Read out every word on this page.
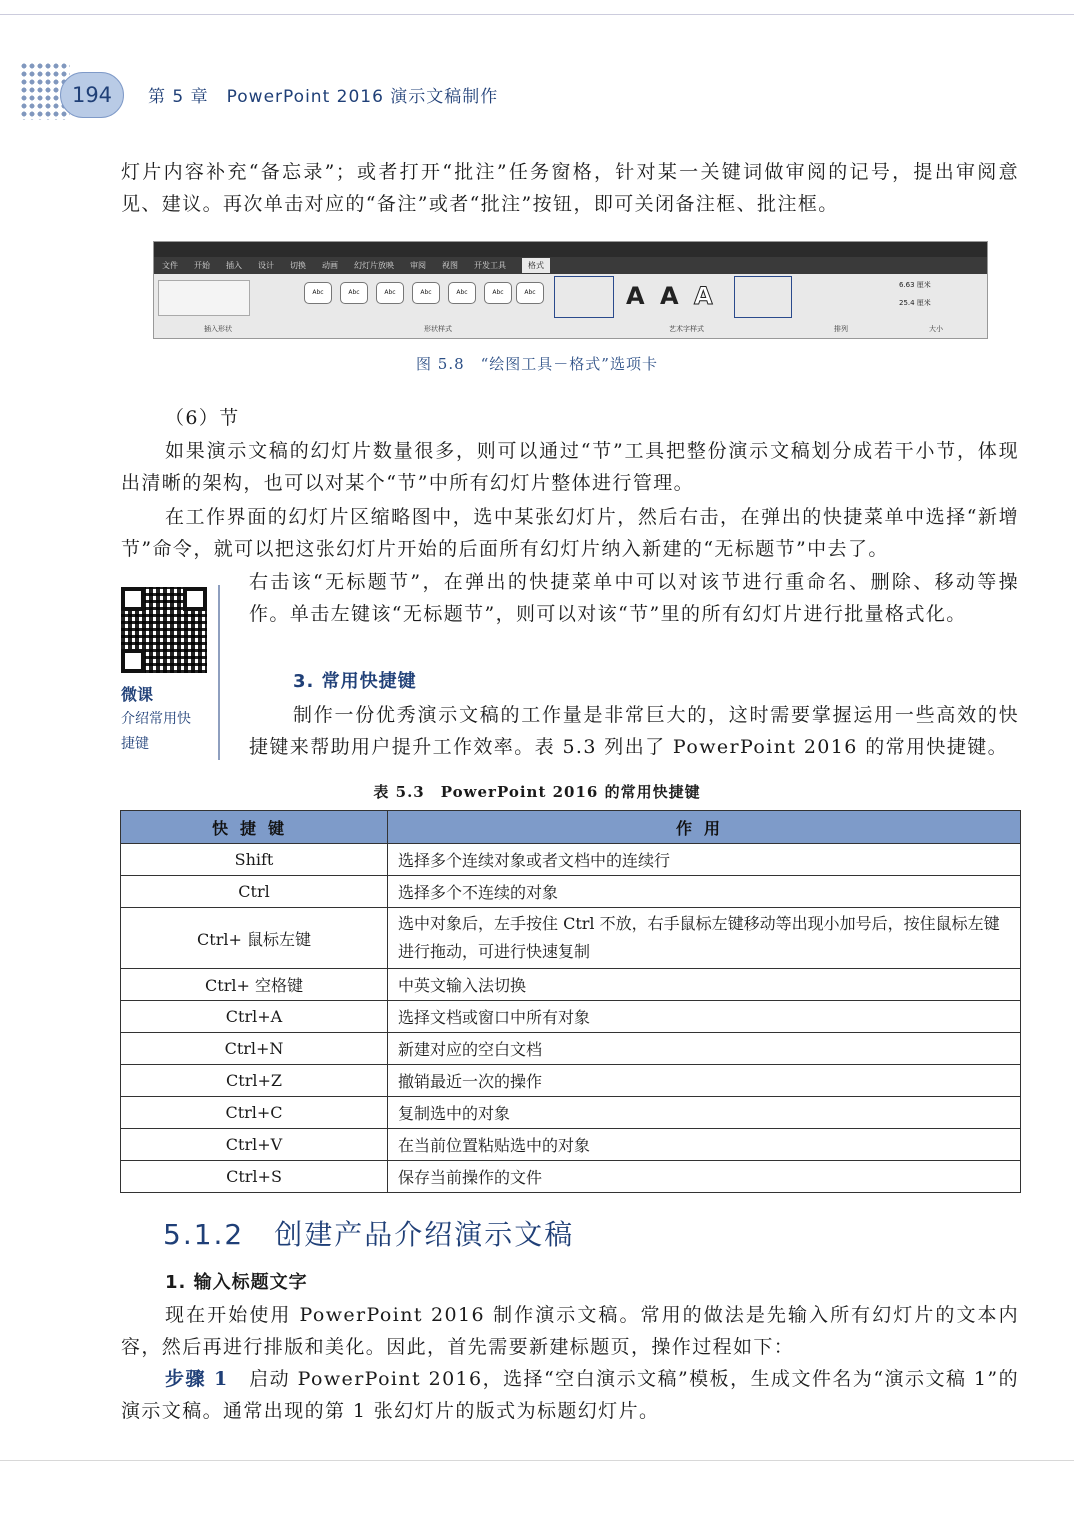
194	第 5 章　PowerPoint 2016 演示文稿制作

灯片内容补充“备忘录”；或者打开“批注”任务窗格，针对某一关键词做审阅的记号，提出审阅意见、建议。再次单击对应的“备注”或者“批注”按钮，即可关闭备注框、批注框。

文件 开始 插入 设计 切换 动画 幻灯片放映 审阅 视图 开发工具	格式
Abc	Abc	Abc	Abc	Abc	Abc	Abc	A A A	6.63 厘米
25.4 厘米
插入形状	形状样式	艺术字样式	排列	大小
图 5.8　“绘图工具－格式”选项卡

（6）节

如果演示文稿的幻灯片数量很多，则可以通过“节”工具把整份演示文稿划分成若干小节，体现出清晰的架构，也可以对某个“节”中所有幻灯片整体进行管理。

在工作界面的幻灯片区缩略图中，选中某张幻灯片，然后右击，在弹出的快捷菜单中选择“新增节”命令，就可以把这张幻灯片开始的后面所有幻灯片纳入新建的“无标题节”中去了。

微课
介绍常用快
捷键

右击该“无标题节”，在弹出的快捷菜单中可以对该节进行重命名、删除、移动等操作。单击左键该“无标题节”，则可以对该“节”里的所有幻灯片进行批量格式化。

3. 常用快捷键

制作一份优秀演示文稿的工作量是非常巨大的，这时需要掌握运用一些高效的快捷键来帮助用户提升工作效率。表 5.3 列出了 PowerPoint 2016 的常用快捷键。

表 5.3　PowerPoint 2016 的常用快捷键
快捷键	作用
Shift	选择多个连续对象或者文档中的连续行
Ctrl	选择多个不连续的对象
Ctrl+ 鼠标左键	选中对象后，左手按住 Ctrl 不放，右手鼠标左键移动等出现小加号后，按住鼠标左键进行拖动，可进行快速复制
Ctrl+ 空格键	中英文输入法切换
Ctrl+A	选择文档或窗口中所有对象
Ctrl+N	新建对应的空白文档
Ctrl+Z	撤销最近一次的操作
Ctrl+C	复制选中的对象
Ctrl+V	在当前位置粘贴选中的对象
Ctrl+S	保存当前操作的文件
5.1.2　创建产品介绍演示文稿
1. 输入标题文字

现在开始使用 PowerPoint 2016 制作演示文稿。常用的做法是先输入所有幻灯片的文本内容，然后再进行排版和美化。因此，首先需要新建标题页，操作过程如下：

步骤 1　 启动 PowerPoint 2016，选择“空白演示文稿”模板，生成文件名为“演示文稿 1”的演示文稿。通常出现的第 1 张幻灯片的版式为标题幻灯片。
